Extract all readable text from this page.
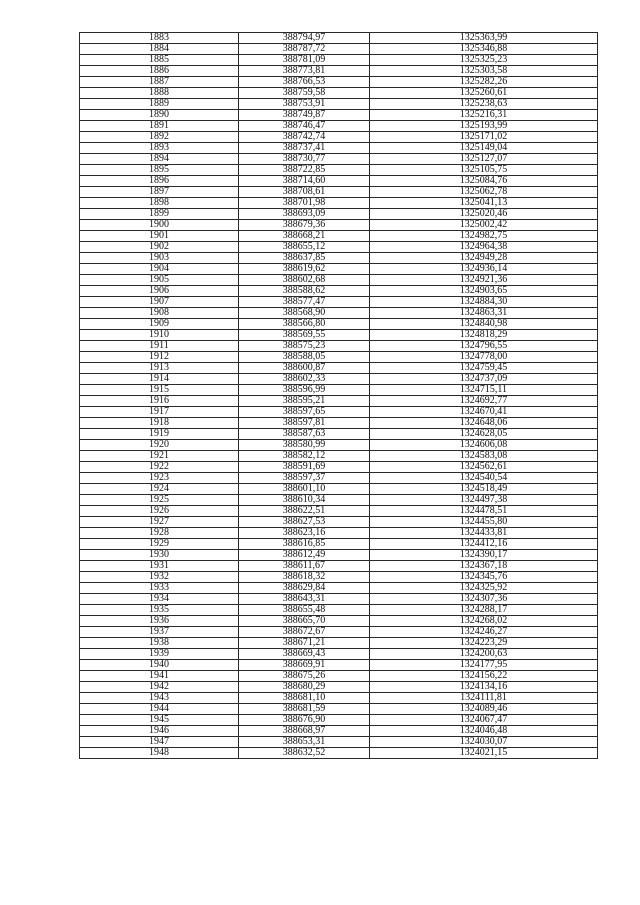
1883	388794,97	1325363,99
1884	388787,72	1325346,88
1885	388781,09	1325325,23
1886	388773,81	1325303,58
1887	388766,53	1325282,26
1888	388759,58	1325260,61
1889	388753,91	1325238,63
1890	388749,87	1325216,31
1891	388746,47	1325193,99
1892	388742,74	1325171,02
1893	388737,41	1325149,04
1894	388730,77	1325127,07
1895	388722,85	1325105,75
1896	388714,60	1325084,76
1897	388708,61	1325062,78
1898	388701,98	1325041,13
1899	388693,09	1325020,46
1900	388679,36	1325002,42
1901	388668,21	1324982,75
1902	388655,12	1324964,38
1903	388637,85	1324949,28
1904	388619,62	1324936,14
1905	388602,68	1324921,36
1906	388588,62	1324903,65
1907	388577,47	1324884,30
1908	388568,90	1324863,31
1909	388566,80	1324840,98
1910	388569,55	1324818,29
1911	388575,23	1324796,55
1912	388588,05	1324778,00
1913	388600,87	1324759,45
1914	388602,33	1324737,09
1915	388596,99	1324715,11
1916	388595,21	1324692,77
1917	388597,65	1324670,41
1918	388597,81	1324648,06
1919	388587,63	1324628,05
1920	388580,99	1324606,08
1921	388582,12	1324583,08
1922	388591,69	1324562,61
1923	388597,37	1324540,54
1924	388601,10	1324518,49
1925	388610,34	1324497,38
1926	388622,51	1324478,51
1927	388627,53	1324455,80
1928	388623,16	1324433,81
1929	388616,85	1324412,16
1930	388612,49	1324390,17
1931	388611,67	1324367,18
1932	388618,32	1324345,76
1933	388629,84	1324325,92
1934	388643,31	1324307,36
1935	388655,48	1324288,17
1936	388665,70	1324268,02
1937	388672,67	1324246,27
1938	388671,21	1324223,29
1939	388669,43	1324200,63
1940	388669,91	1324177,95
1941	388675,26	1324156,22
1942	388680,29	1324134,16
1943	388681,10	1324111,81
1944	388681,59	1324089,46
1945	388676,90	1324067,47
1946	388668,97	1324046,48
1947	388653,31	1324030,07
1948	388632,52	1324021,15
